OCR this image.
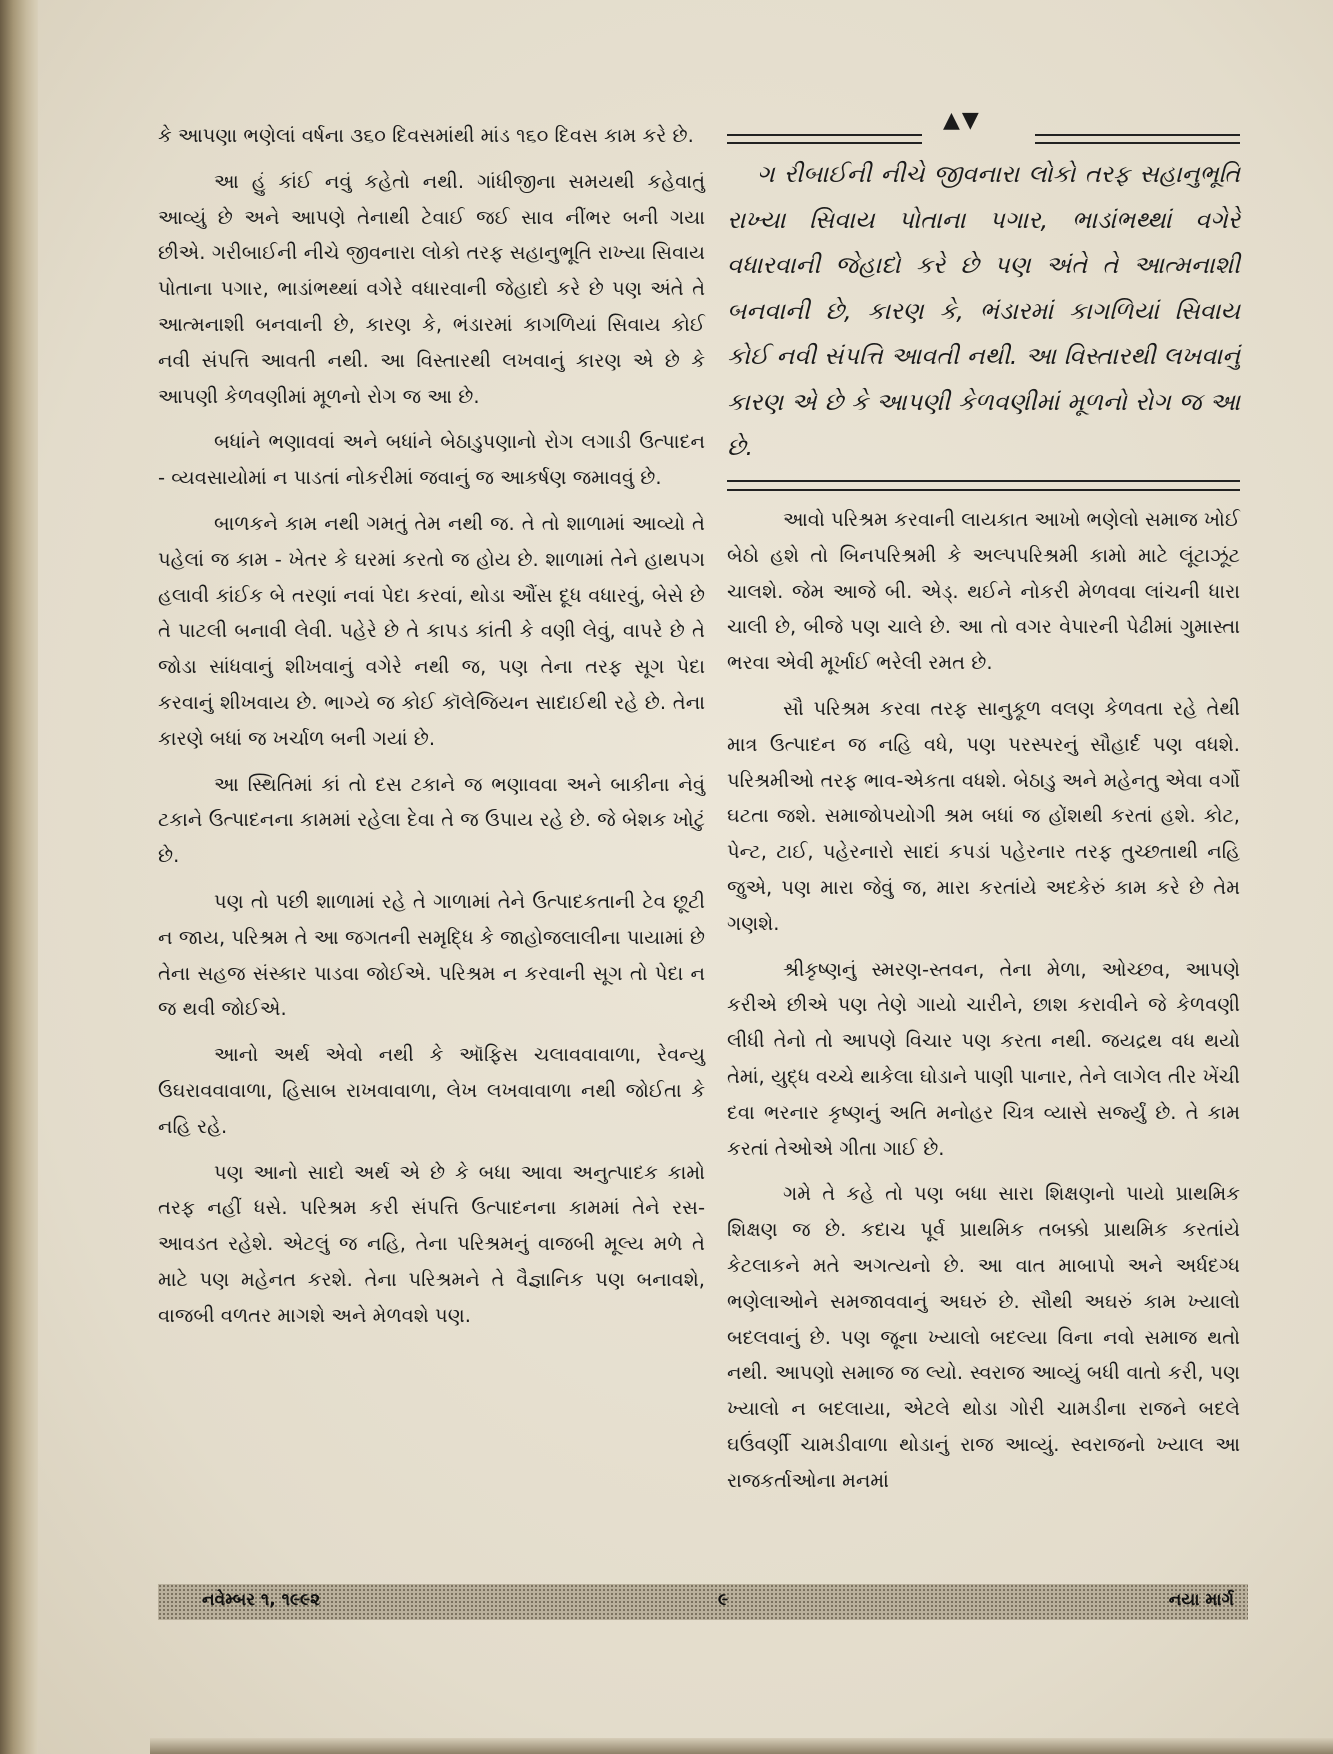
કે આપણા ભણેલાં વર્ષના ૩૬૦ દિવસમાંથી માંડ ૧૬૦ દિવસ કામ કરે છે.

આ હું કાંઈ નવું કહેતો નથી. ગાંધીજીના સમયથી કહેવાતું આવ્યું છે અને આપણે તેનાથી ટેવાઈ જઈ સાવ નીંભર બની ગયા છીએ. ગરીબાઈની નીચે જીવનારા લોકો તરફ સહાનુભૂતિ રાખ્યા સિવાય પોતાના પગાર, ભાડાંભથ્થાં વગેરે વધારવાની જેહાદો કરે છે પણ અંતે તે આત્મનાશી બનવાની છે, કારણ કે, ભંડારમાં કાગળિયાં સિવાય કોઈ નવી સંપત્તિ આવતી નથી. આ વિસ્તારથી લખવાનું કારણ એ છે કે આપણી કેળવણીમાં મૂળનો રોગ જ આ છે.

બધાંને ભણાવવાં અને બધાંને બેઠાડુપણાનો રોગ લગાડી ઉત્પાદન - વ્યવસાયોમાં ન પાડતાં નોકરીમાં જવાનું જ આકર્ષણ જમાવવું છે.

બાળકને કામ નથી ગમતું તેમ નથી જ. તે તો શાળામાં આવ્યો તે પહેલાં જ કામ - ખેતર કે ઘરમાં કરતો જ હોય છે. શાળામાં તેને હાથપગ હલાવી કાંઈક બે તરણાં નવાં પેદા કરવાં, થોડા ઔંસ દૂધ વધારવું, બેસે છે તે પાટલી બનાવી લેવી. પહેરે છે તે કાપડ કાંતી કે વણી લેવું, વાપરે છે તે જોડા સાંધવાનું શીખવાનું વગેરે નથી જ, પણ તેના તરફ સૂગ પેદા કરવાનું શીખવાય છે. ભાગ્યે જ કોઈ કૉલેજિયન સાદાઈથી રહે છે. તેના કારણે બધાં જ ખર્ચાળ બની ગયાં છે.

આ સ્થિતિમાં કાં તો દસ ટકાને જ ભણાવવા અને બાકીના નેવું ટકાને ઉત્પાદનના કામમાં રહેલા દેવા તે જ ઉપાય રહે છે. જે બેશક ખોટું છે.

પણ તો પછી શાળામાં રહે તે ગાળામાં તેને ઉત્પાદકતાની ટેવ છૂટી ન જાય, પરિશ્રમ તે આ જગતની સમૃદ્ધિ કે જાહોજલાલીના પાયામાં છે તેના સહજ સંસ્કાર પાડવા જોઈએ. પરિશ્રમ ન કરવાની સૂગ તો પેદા ન જ થવી જોઈએ.

આનો અર્થ એવો નથી કે ઑફિસ ચલાવવાવાળા, રેવન્યુ ઉઘરાવવાવાળા, હિસાબ રાખવાવાળા, લેખ લખવાવાળા નથી જોઈતા કે નહિ રહે.

પણ આનો સાદો અર્થ એ છે કે બધા આવા અનુત્પાદક કામો તરફ નહીં ધસે. પરિશ્રમ કરી સંપત્તિ ઉત્પાદનના કામમાં તેને રસ-આવડત રહેશે. એટલું જ નહિ, તેના પરિશ્રમનું વાજબી મૂલ્ય મળે તે માટે પણ મહેનત કરશે. તેના પરિશ્રમને તે વૈજ્ઞાનિક પણ બનાવશે, વાજબી વળતર માગશે અને મેળવશે પણ.

▲▼
ગ રીબાઈની નીચે જીવનારા લોકો તરફ સહાનુભૂતિ રાખ્યા સિવાય પોતાના પગાર, ભાડાંભથ્થાં વગેરે વધારવાની જેહાદો કરે છે પણ અંતે તે આત્મનાશી બનવાની છે, કારણ કે, ભંડારમાં કાગળિયાં સિવાય કોઈ નવી સંપત્તિ આવતી નથી. આ વિસ્તારથી લખવાનું કારણ એ છે કે આપણી કેળવણીમાં મૂળનો રોગ જ આ છે.

આવો પરિશ્રમ કરવાની લાયકાત આખો ભણેલો સમાજ ખોઈ બેઠો હશે તો બિનપરિશ્રમી કે અલ્પપરિશ્રમી કામો માટે લૂંટાઝૂંટ ચાલશે. જેમ આજે બી. એડ્. થઈને નોકરી મેળવવા લાંચની ધારા ચાલી છે, બીજે પણ ચાલે છે. આ તો વગર વેપારની પેઢીમાં ગુમાસ્તા ભરવા એવી મૂર્ખાઈ ભરેલી રમત છે.

સૌ પરિશ્રમ કરવા તરફ સાનુકૂળ વલણ કેળવતા રહે તેથી માત્ર ઉત્પાદન જ નહિ વધે, પણ પરસ્પરનું સૌહાર્દ પણ વધશે. પરિશ્રમીઓ તરફ ભાવ-એકતા વધશે. બેઠાડુ અને મહેનતુ એવા વર્ગો ઘટતા જશે. સમાજોપયોગી શ્રમ બધાં જ હોંશથી કરતાં હશે. કોટ, પેન્ટ, ટાઈ, પહેરનારો સાદાં કપડાં પહેરનાર તરફ તુચ્છતાથી નહિ જુએ, પણ મારા જેવું જ, મારા કરતાંયે અદકેરું કામ કરે છે તેમ ગણશે.

શ્રીકૃષ્ણનું સ્મરણ-સ્તવન, તેના મેળા, ઓચ્છવ, આપણે કરીએ છીએ પણ તેણે ગાયો ચારીને, છાશ કરાવીને જે કેળવણી લીધી તેનો તો આપણે વિચાર પણ કરતા નથી. જયદ્રથ વધ થયો તેમાં, યુદ્ધ વચ્ચે થાકેલા ઘોડાને પાણી પાનાર, તેને લાગેલ તીર ખેંચી દવા ભરનાર કૃષ્ણનું અતિ મનોહર ચિત્ર વ્યાસે સર્જ્યું છે. તે કામ કરતાં તેઓએ ગીતા ગાઈ છે.

ગમે તે કહે તો પણ બધા સારા શિક્ષણનો પાયો પ્રાથમિક શિક્ષણ જ છે. કદાચ પૂર્વ પ્રાથમિક તબક્કો પ્રાથમિક કરતાંયે કેટલાકને મતે અગત્યનો છે. આ વાત માબાપો અને અર્ધદગ્ધ ભણેલાઓને સમજાવવાનું અઘરું છે. સૌથી અઘરું કામ ખ્યાલો બદલવાનું છે. પણ જૂના ખ્યાલો બદલ્યા વિના નવો સમાજ થતો નથી. આપણો સમાજ જ લ્યો. સ્વરાજ આવ્યું બધી વાતો કરી, પણ ખ્યાલો ન બદલાયા, એટલે થોડા ગોરી ચામડીના રાજને બદલે ઘઉંવર્ણી ચામડીવાળા થોડાનું રાજ આવ્યું. સ્વરાજનો ખ્યાલ આ રાજકર્તાઓના મનમાં

નવેમ્બર ૧, ૧૯૯૨	૯	નયા માર્ગ
